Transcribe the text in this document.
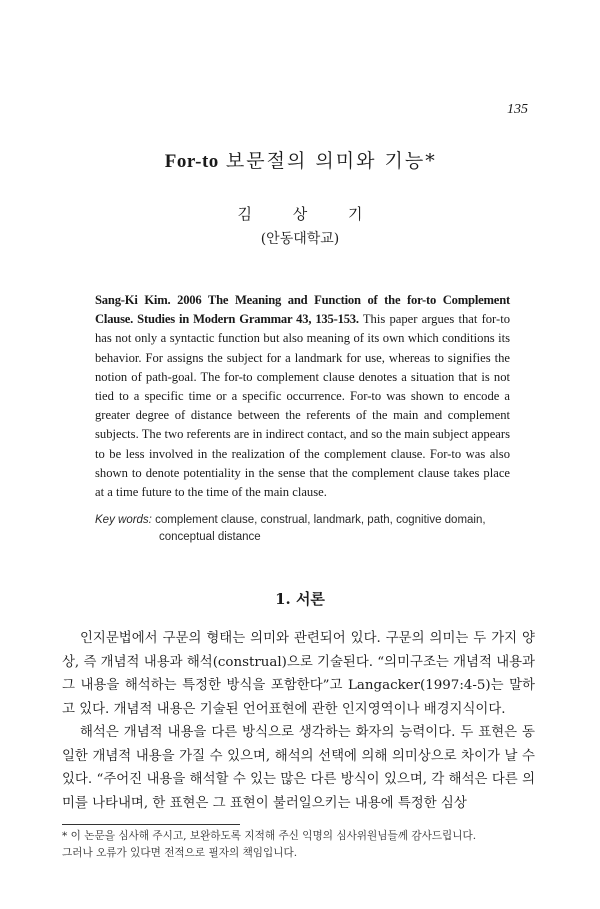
135
For-to 보문절의 의미와 기능*
김 상 기
(안동대학교)
Sang-Ki Kim. 2006 The Meaning and Function of the for-to Complement Clause. Studies in Modern Grammar 43, 135-153. This paper argues that for-to has not only a syntactic function but also meaning of its own which conditions its behavior. For assigns the subject for a landmark for use, whereas to signifies the notion of path-goal. The for-to complement clause denotes a situation that is not tied to a specific time or a specific occurrence. For-to was shown to encode a greater degree of distance between the referents of the main and complement subjects. The two referents are in indirect contact, and so the main subject appears to be less involved in the realization of the complement clause. For-to was also shown to denote potentiality in the sense that the complement clause takes place at a time future to the time of the main clause.
Key words: complement clause, construal, landmark, path, cognitive domain,
conceptual distance
1. 서론

인지문법에서 구문의 형태는 의미와 관련되어 있다. 구문의 의미는 두 가지 양상, 즉 개념적 내용과 해석(construal)으로 기술된다. “의미구조는 개념적 내용과 그 내용을 해석하는 특정한 방식을 포함한다”고 Langacker(1997:4-5)는 말하고 있다. 개념적 내용은 기술된 언어표현에 관한 인지영역이나 배경지식이다.

해석은 개념적 내용을 다른 방식으로 생각하는 화자의 능력이다. 두 표현은 동일한 개념적 내용을 가질 수 있으며, 해석의 선택에 의해 의미상으로 차이가 날 수 있다. “주어진 내용을 해석할 수 있는 많은 다른 방식이 있으며, 각 해석은 다른 의미를 나타내며, 한 표현은 그 표현이 불러일으키는 내용에 특정한 심상

* 이 논문을 심사해 주시고, 보완하도록 지적해 주신 익명의 심사위원님들께 감사드립니다.
그러나 오류가 있다면 전적으로 필자의 책임입니다.
